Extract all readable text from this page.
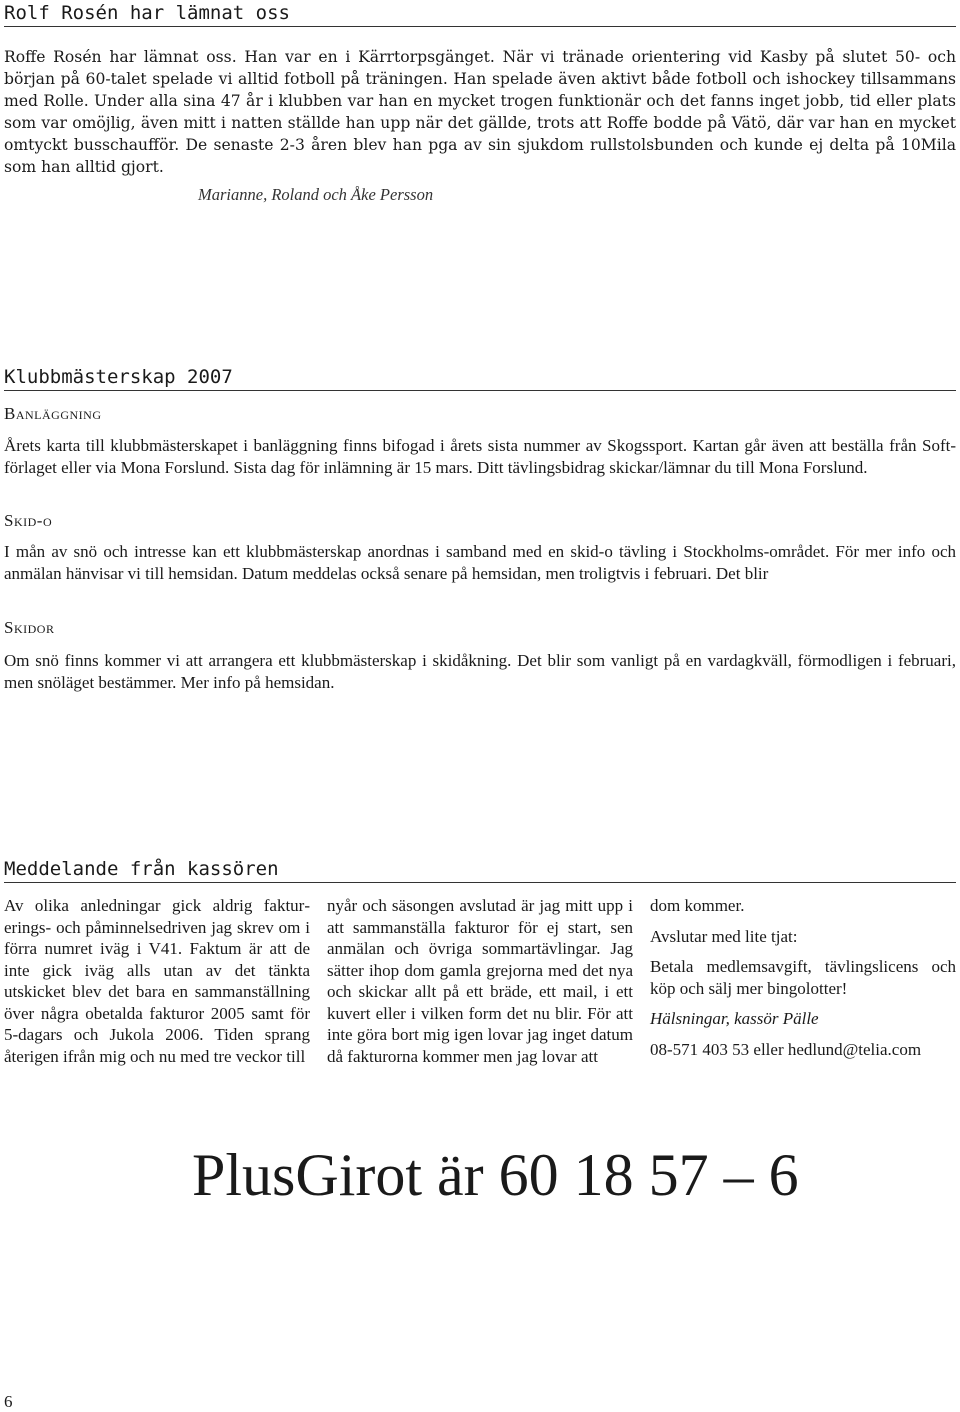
Rolf Rosén har lämnat oss

Roffe Rosén har lämnat oss. Han var en i Kärrtorpsgänget. När vi tränade orientering vid Kasby på slutet 50- och början på 60-talet spelade vi alltid fotboll på träningen. Han spelade även aktivt både fotboll och ishockey tillsammans med Rolle. Under alla sina 47 år i klubben var han en mycket trogen funktionär och det fanns inget jobb, tid eller plats som var omöjlig, även mitt i natten ställde han upp när det gällde, trots att Roffe bodde på Vätö, där var han en mycket omtyckt busschaufför. De senaste 2-3 åren blev han pga av sin sjukdom rullstolsbunden och kunde ej delta på 10Mila som han alltid gjort.

Marianne, Roland och Åke Persson
Klubbmästerskap 2007
Banläggning

Årets karta till klubbmästerskapet i banläggning finns bifogad i årets sista nummer av Skogssport. Kartan går även att beställa från Soft-förlaget eller via Mona Forslund. Sista dag för inlämning är 15 mars. Ditt tävlingsbidrag skickar/lämnar du till Mona Forslund.

Skid-o

I mån av snö och intresse kan ett klubbmästerskap anordnas i samband med en skid-o tävling i Stockholms-området. För mer info och anmälan hänvisar vi till hemsidan. Datum meddelas också senare på hemsidan, men troligtvis i februari. Det blir

Skidor

Om snö finns kommer vi att arrangera ett klubbmästerskap i skidåkning. Det blir som vanligt på en vardagkväll, förmodligen i februari, men snöläget bestämmer. Mer info på hemsidan.

Meddelande från kassören

Av olika anledningar gick aldrig fakturerings- och påminnelsedriven jag skrev om i förra numret iväg i V41. Faktum är att de inte gick iväg alls utan av det tänkta utskicket blev det bara en sammanställning över några obetalda fakturor 2005 samt för 5-dagars och Jukola 2006. Tiden sprang återigen ifrån mig och nu med tre veckor till

nyår och säsongen avslutad är jag mitt upp i att sammanställa fakturor för ej start, sen anmälan och övriga sommartävlingar. Jag sätter ihop dom gamla grejorna med det nya och skickar allt på ett bräde, ett mail, i ett kuvert eller i vilken form det nu blir. För att inte göra bort mig igen lovar jag inget datum då fakturorna kommer men jag lovar att

dom kommer.

Avslutar med lite tjat:

Betala medlemsavgift, tävlingslicens och köp och sälj mer bingolotter!

Hälsningar, kassör Pälle

08-571 403 53 eller hedlund@telia.com

PlusGirot är 60 18 57 – 6
6
